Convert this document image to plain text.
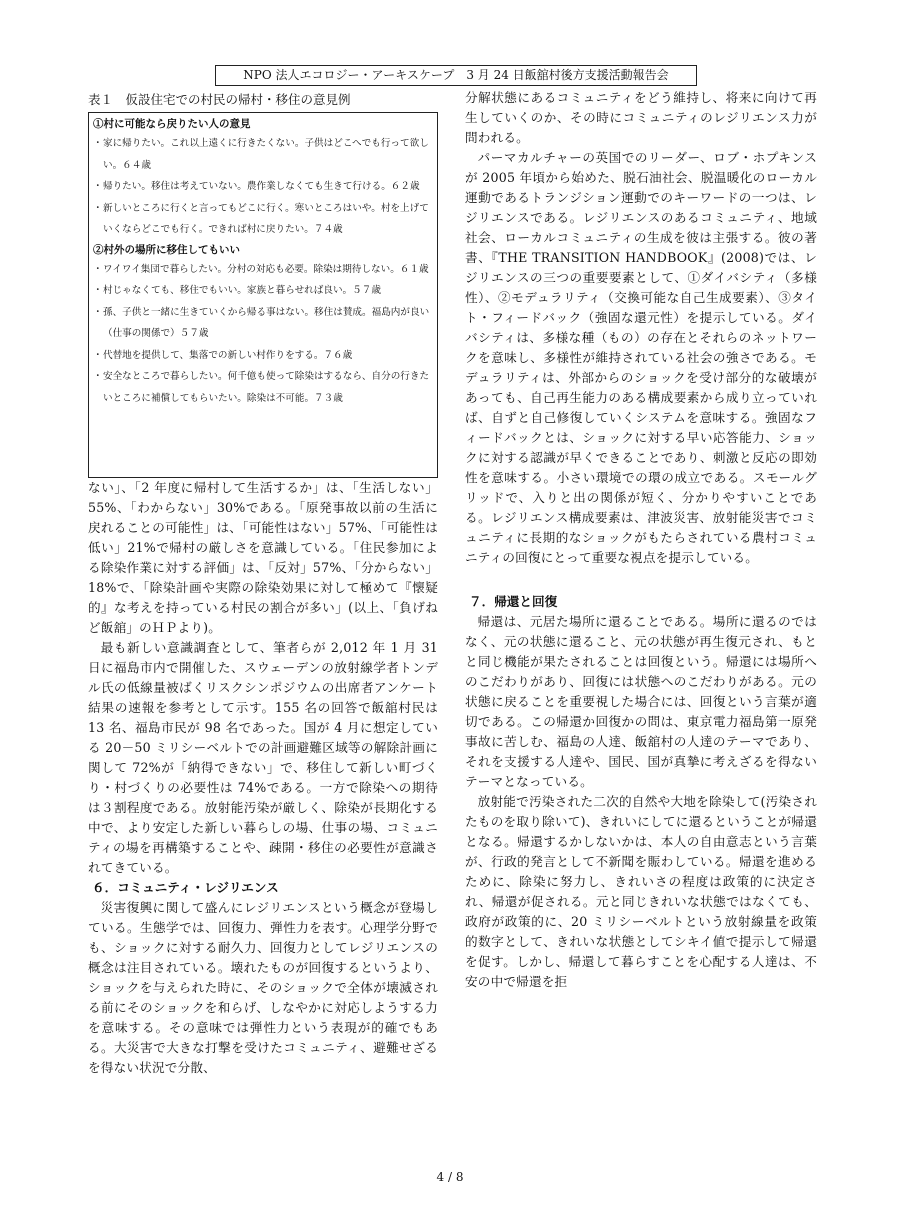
NPO 法人エコロジー・アーキスケープ　3 月 24 日飯舘村後方支援活動報告会
表１　仮設住宅での村民の帰村・移住の意見例
①村に可能なら戻りたい人の意見
・ 家に帰りたい。これ以上遠くに行きたくない。子供はどこへでも行って欲しい。６４歳
・ 帰りたい。移住は考えていない。農作業しなくても生きて行ける。６２歳
・ 新しいところに行くと言ってもどこに行く。寒いところはいや。村を上げていくならどこでも行く。できれば村に戻りたい。７４歳
②村外の場所に移住してもいい
・ ワイワイ集団で暮らしたい。分村の対応も必要。除染は期待しない。６１歳
・ 村じゃなくても、移住でもいい。家族と暮らせれば良い。５７歳
・ 孫、子供と一緒に生きていくから帰る事はない。移住は賛成。福島内が良い（仕事の関係で）５７歳
・ 代替地を提供して、集落での新しい村作りをする。７６歳
・ 安全なところで暮らしたい。何千億も使って除染はするなら、自分の行きたいところに補償してもらいたい。除染は不可能。７３歳

ない」、「2 年度に帰村して生活するか」は、「生活しない」55%、「わからない」30%である。「原発事故以前の生活に戻れることの可能性」は、「可能性はない」57%、「可能性は低い」21%で帰村の厳しさを意識している。「住民参加による除染作業に対する評価」は、「反対」57%、「分からない」18%で、「除染計画や実際の除染効果に対して極めて『懐疑的』な考えを持っている村民の割合が多い」(以上、「負げねど飯舘」のＨＰより)。

最も新しい意識調査として、筆者らが 2,012 年 1 月 31 日に福島市内で開催した、スウェーデンの放射線学者トンデル氏の低線量被ばくリスクシンポジウムの出席者アンケート結果の速報を参考として示す。155 名の回答で飯舘村民は 13 名、福島市民が 98 名であった。国が 4 月に想定している 20－50 ミリシーベルトでの計画避難区域等の解除計画に関して 72%が「納得できない」で、移住して新しい町づくり・村づくりの必要性は 74%である。一方で除染への期待は３割程度である。放射能汚染が厳しく、除染が長期化する中で、より安定した新しい暮らしの場、仕事の場、コミュニティの場を再構築することや、疎開・移住の必要性が意識されてきている。

６．コミュニティ・レジリエンス

災害復興に関して盛んにレジリエンスという概念が登場している。生態学では、回復力、弾性力を表す。心理学分野でも、ショックに対する耐久力、回復力としてレジリエンスの概念は注目されている。壊れたものが回復するというより、ショックを与えられた時に、そのショックで全体が壊滅される前にそのショックを和らげ、しなやかに対応しようする力を意味する。その意味では弾性力という表現が的確でもある。大災害で大きな打撃を受けたコミュニティ、避難せざるを得ない状況で分散、

分解状態にあるコミュニティをどう維持し、将来に向けて再生していくのか、その時にコミュニティのレジリエンス力が問われる。

パーマカルチャーの英国でのリーダー、ロブ・ホプキンスが 2005 年頃から始めた、脱石油社会、脱温暖化のローカル運動であるトランジション運動でのキーワードの一つは、レジリエンスである。レジリエンスのあるコミュニティ、地域社会、ローカルコミュニティの生成を彼は主張する。彼の著書、『THE TRANSITION HANDBOOK』(2008)では、レジリエンスの三つの重要要素として、①ダイバシティ（多様性）、②モデュラリティ（交換可能な自己生成要素）、③タイト・フィードバック（強固な還元性）を提示している。ダイバシティは、多様な種（もの）の存在とそれらのネットワークを意味し、多様性が維持されている社会の強さである。モデュラリティは、外部からのショックを受け部分的な破壊があっても、自己再生能力のある構成要素から成り立っていれば、自ずと自己修復していくシステムを意味する。強固なフィードバックとは、ショックに対する早い応答能力、ショックに対する認識が早くできることであり、刺激と反応の即効性を意味する。小さい環境での環の成立である。スモールグリッドで、入りと出の関係が短く、分かりやすいことである。レジリエンス構成要素は、津波災害、放射能災害でコミュニティに長期的なショックがもたらされている農村コミュニティの回復にとって重要な視点を提示している。

７．帰還と回復

帰還は、元居た場所に還ることである。場所に還るのではなく、元の状態に還ること、元の状態が再生復元され、もとと同じ機能が果たされることは回復という。帰還には場所へのこだわりがあり、回復には状態へのこだわりがある。元の状態に戻ることを重要視した場合には、回復という言葉が適切である。この帰還か回復かの問は、東京電力福島第一原発事故に苦しむ、福島の人達、飯舘村の人達のテーマであり、それを支援する人達や、国民、国が真摯に考えざるを得ないテーマとなっている。

放射能で汚染された二次的自然や大地を除染して(汚染されたものを取り除いて)、きれいにしてに還るということが帰還となる。帰還するかしないかは、本人の自由意志という言葉が、行政的発言として不新聞を賑わしている。帰還を進めるために、除染に努力し、きれいさの程度は政策的に決定され、帰還が促される。元と同じきれいな状態ではなくても、政府が政策的に、20 ミリシーベルトという放射線量を政策的数字として、きれいな状態としてシキイ値で提示して帰還を促す。しかし、帰還して暮らすことを心配する人達は、不安の中で帰還を拒

4 / 8
